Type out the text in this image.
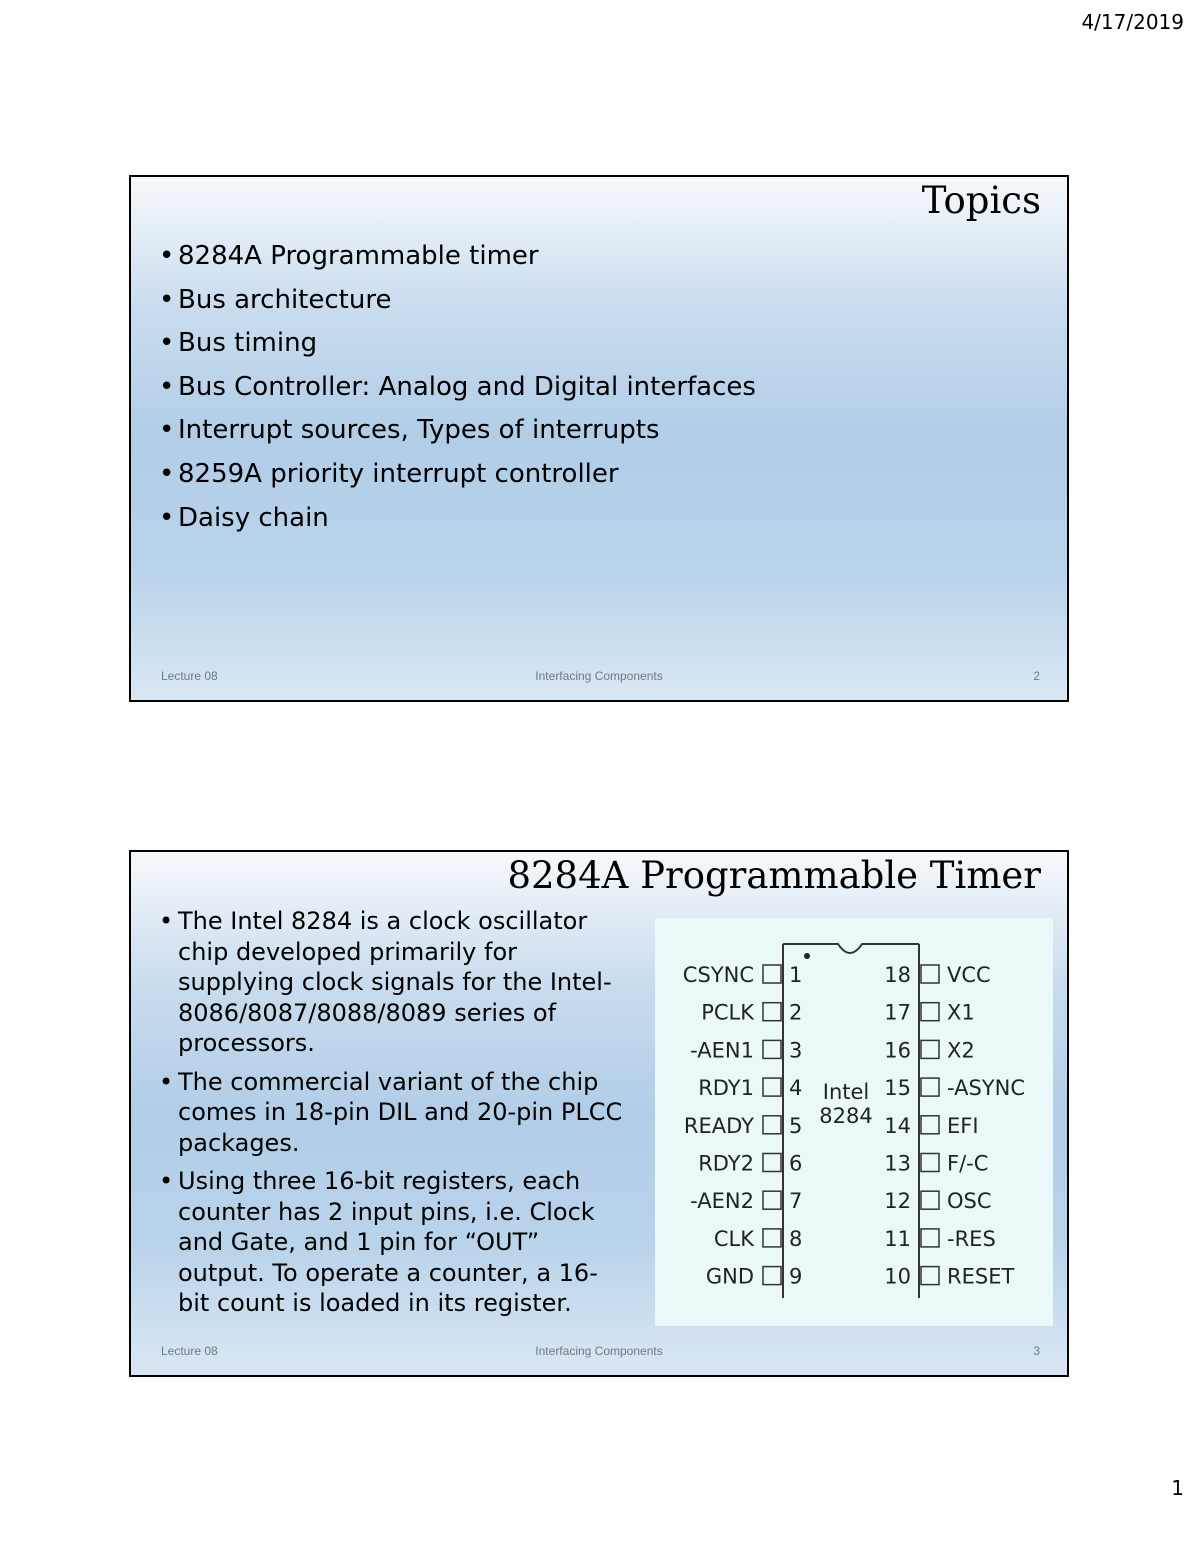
4/17/2019
Topics
• 8284A Programmable timer
• Bus architecture
• Bus timing
• Bus Controller: Analog and Digital interfaces
• Interrupt sources, Types of interrupts
• 8259A priority interrupt controller
• Daisy chain
Lecture 08	Interfacing Components	2
8284A Programmable Timer
• The Intel 8284 is a clock oscillator chip developed primarily for supplying clock signals for the Intel-8086/8087/8088/8089 series of processors.
• The commercial variant of the chip comes in 18-pin DIL and 20-pin PLCC packages.
• Using three 16-bit registers, each counter has 2 input pins, i.e. Clock and Gate, and 1 pin for “OUT” output. To operate a counter, a 16-bit count is loaded in its register.
Intel
8284
CSYNC 1
PCLK 2
-AEN1 3
RDY1 4
READY 5
RDY2 6
-AEN2 7
CLK 8
GND 9
18 VCC
17 X1
16 X2
15 -ASYNC
14 EFI
13 F/-C
12 OSC
11 -RES
10 RESET
Lecture 08	Interfacing Components	3
1
